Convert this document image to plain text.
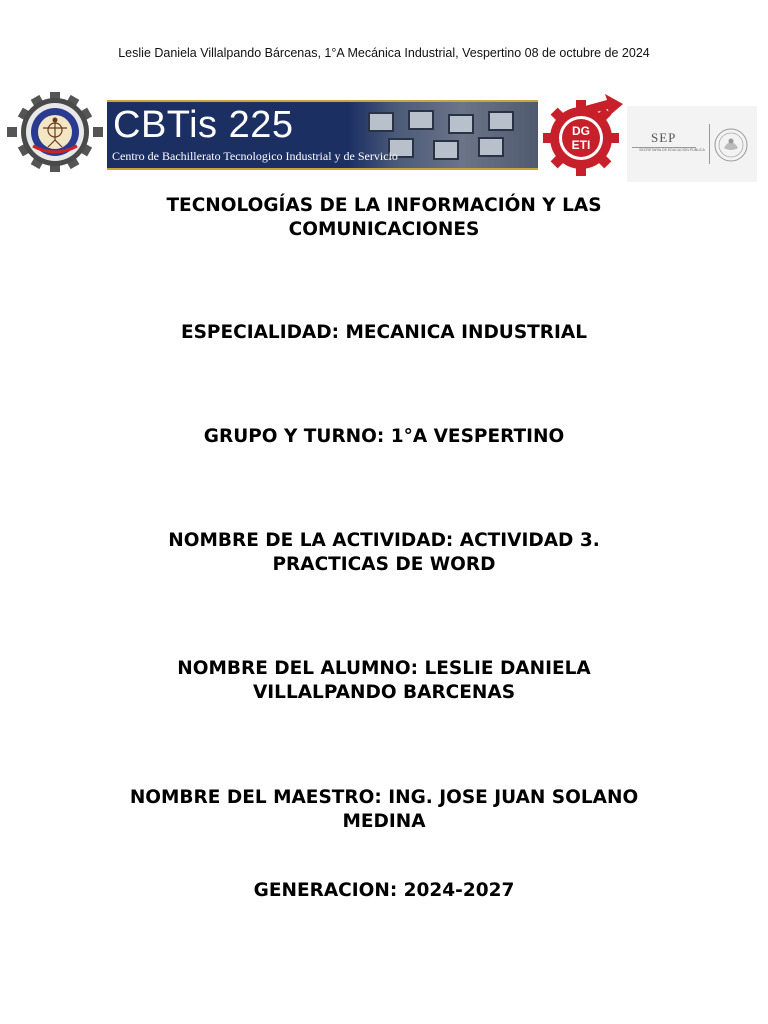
Leslie Daniela Villalpando Bárcenas, 1°A Mecánica Industrial, Vespertino 08 de octubre de 2024
CBTis 225
Centro de Bachillerato Tecnologico Industrial y de Servicio
DG
ETI	SEP
SECRETARÍA DE EDUCACIÓN PÚBLICA
TECNOLOGÍAS DE LA INFORMACIÓN Y LAS
COMUNICACIONES
ESPECIALIDAD: MECANICA INDUSTRIAL
GRUPO Y TURNO: 1°A VESPERTINO
NOMBRE DE LA ACTIVIDAD: ACTIVIDAD 3.
PRACTICAS DE WORD
NOMBRE DEL ALUMNO: LESLIE DANIELA
VILLALPANDO BARCENAS
NOMBRE DEL MAESTRO: ING. JOSE JUAN SOLANO
MEDINA
GENERACION: 2024-2027
